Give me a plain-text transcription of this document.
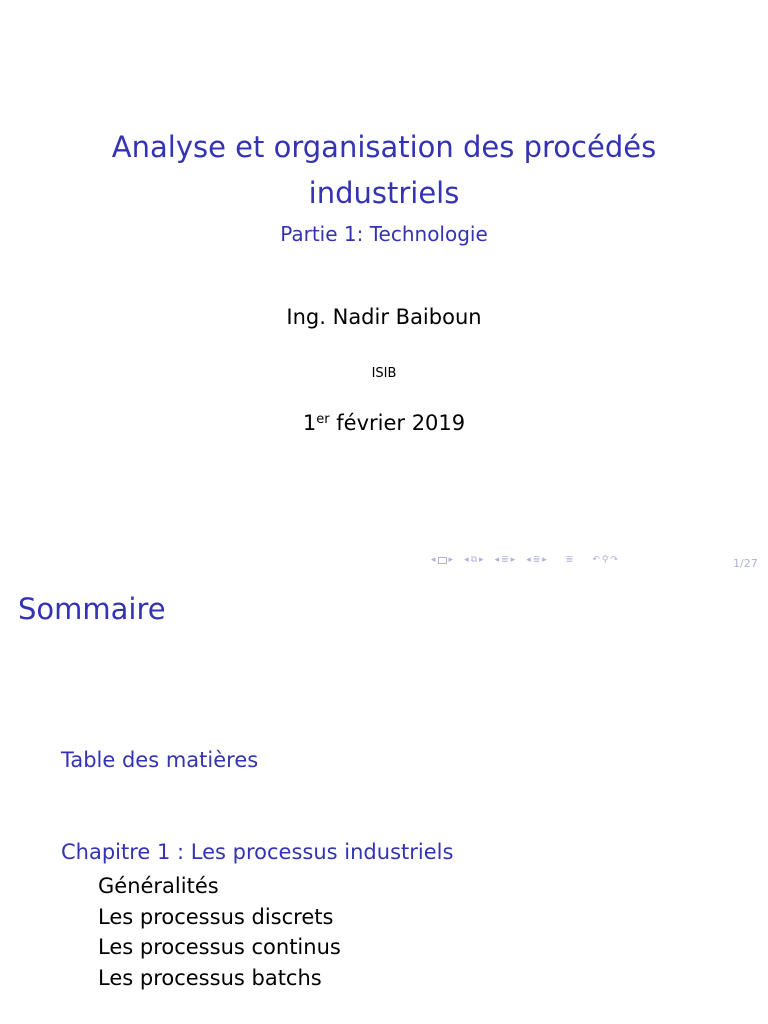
Analyse et organisation des procédés
industriels
Partie 1: Technologie
Ing. Nadir Baiboun
ISIB
1er février 2019
◂ ▸ ◂ ⧉ ▸ ◂ ≣ ▸ ◂ ≣ ▸ ≣ ↶ ⚲ ↷	1/27
Sommaire
Table des matières
Chapitre 1 : Les processus industriels
Généralités
Les processus discrets
Les processus continus
Les processus batchs
